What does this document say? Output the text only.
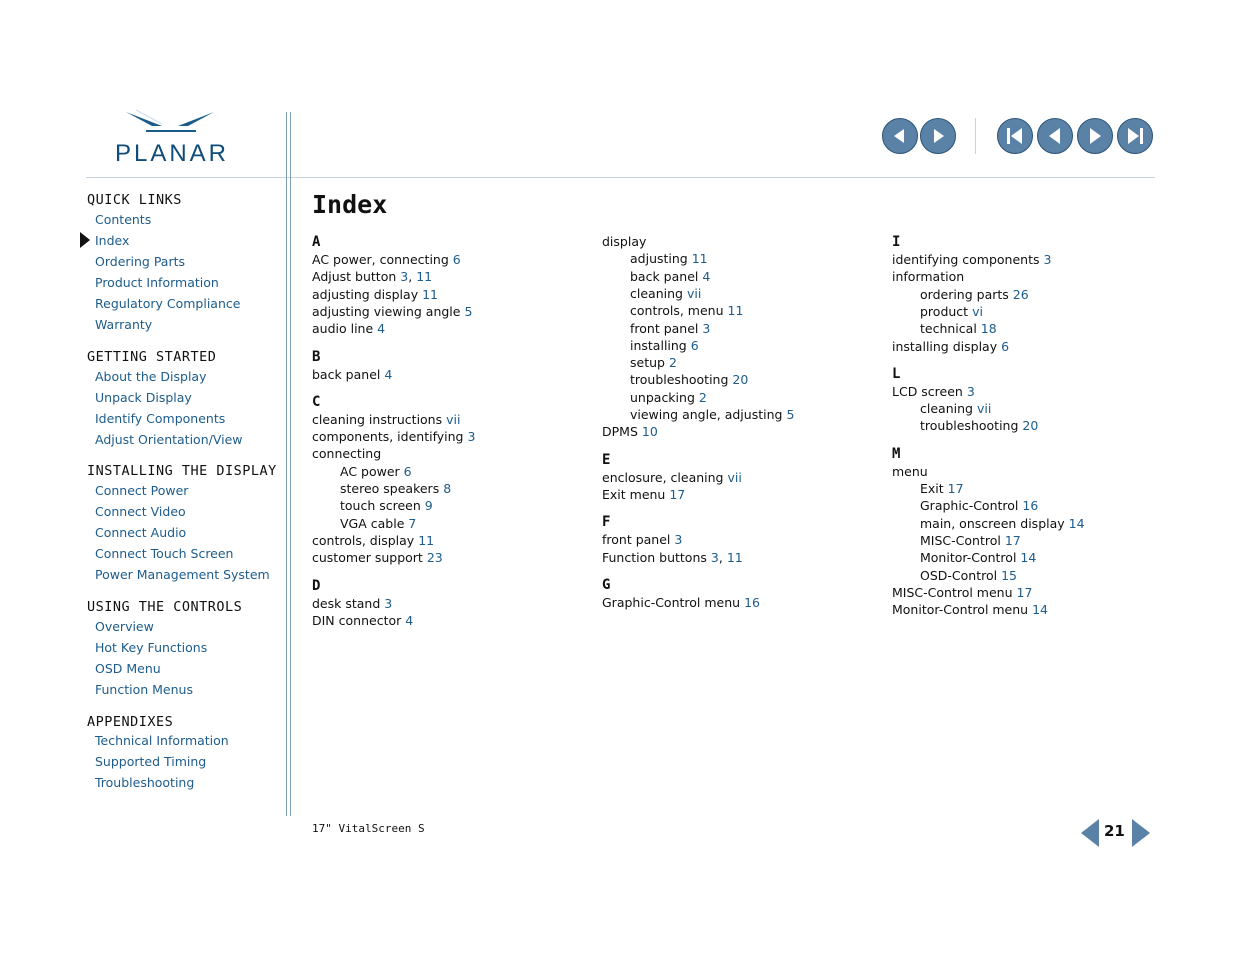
PLANAR
QUICK LINKS
Contents
Index
Ordering Parts
Product Information
Regulatory Compliance
Warranty
GETTING STARTED
About the Display
Unpack Display
Identify Components
Adjust Orientation/View
INSTALLING THE DISPLAY
Connect Power
Connect Video
Connect Audio
Connect Touch Screen
Power Management System
USING THE CONTROLS
Overview
Hot Key Functions
OSD Menu
Function Menus
APPENDIXES
Technical Information
Supported Timing
Troubleshooting
Index
A
AC power, connecting 6
Adjust button 3, 11
adjusting display 11
adjusting viewing angle 5
audio line 4
B
back panel 4
C
cleaning instructions vii
components, identifying 3
connecting
AC power 6
stereo speakers 8
touch screen 9
VGA cable 7
controls, display 11
customer support 23
D
desk stand 3
DIN connector 4
display
adjusting 11
back panel 4
cleaning vii
controls, menu 11
front panel 3
installing 6
setup 2
troubleshooting 20
unpacking 2
viewing angle, adjusting 5
DPMS 10
E
enclosure, cleaning vii
Exit menu 17
F
front panel 3
Function buttons 3, 11
G
Graphic-Control menu 16
I
identifying components 3
information
ordering parts 26
product vi
technical 18
installing display 6
L
LCD screen 3
cleaning vii
troubleshooting 20
M
menu
Exit 17
Graphic-Control 16
main, onscreen display 14
MISC-Control 17
Monitor-Control 14
OSD-Control 15
MISC-Control menu 17
Monitor-Control menu 14
17" VitalScreen S	21
